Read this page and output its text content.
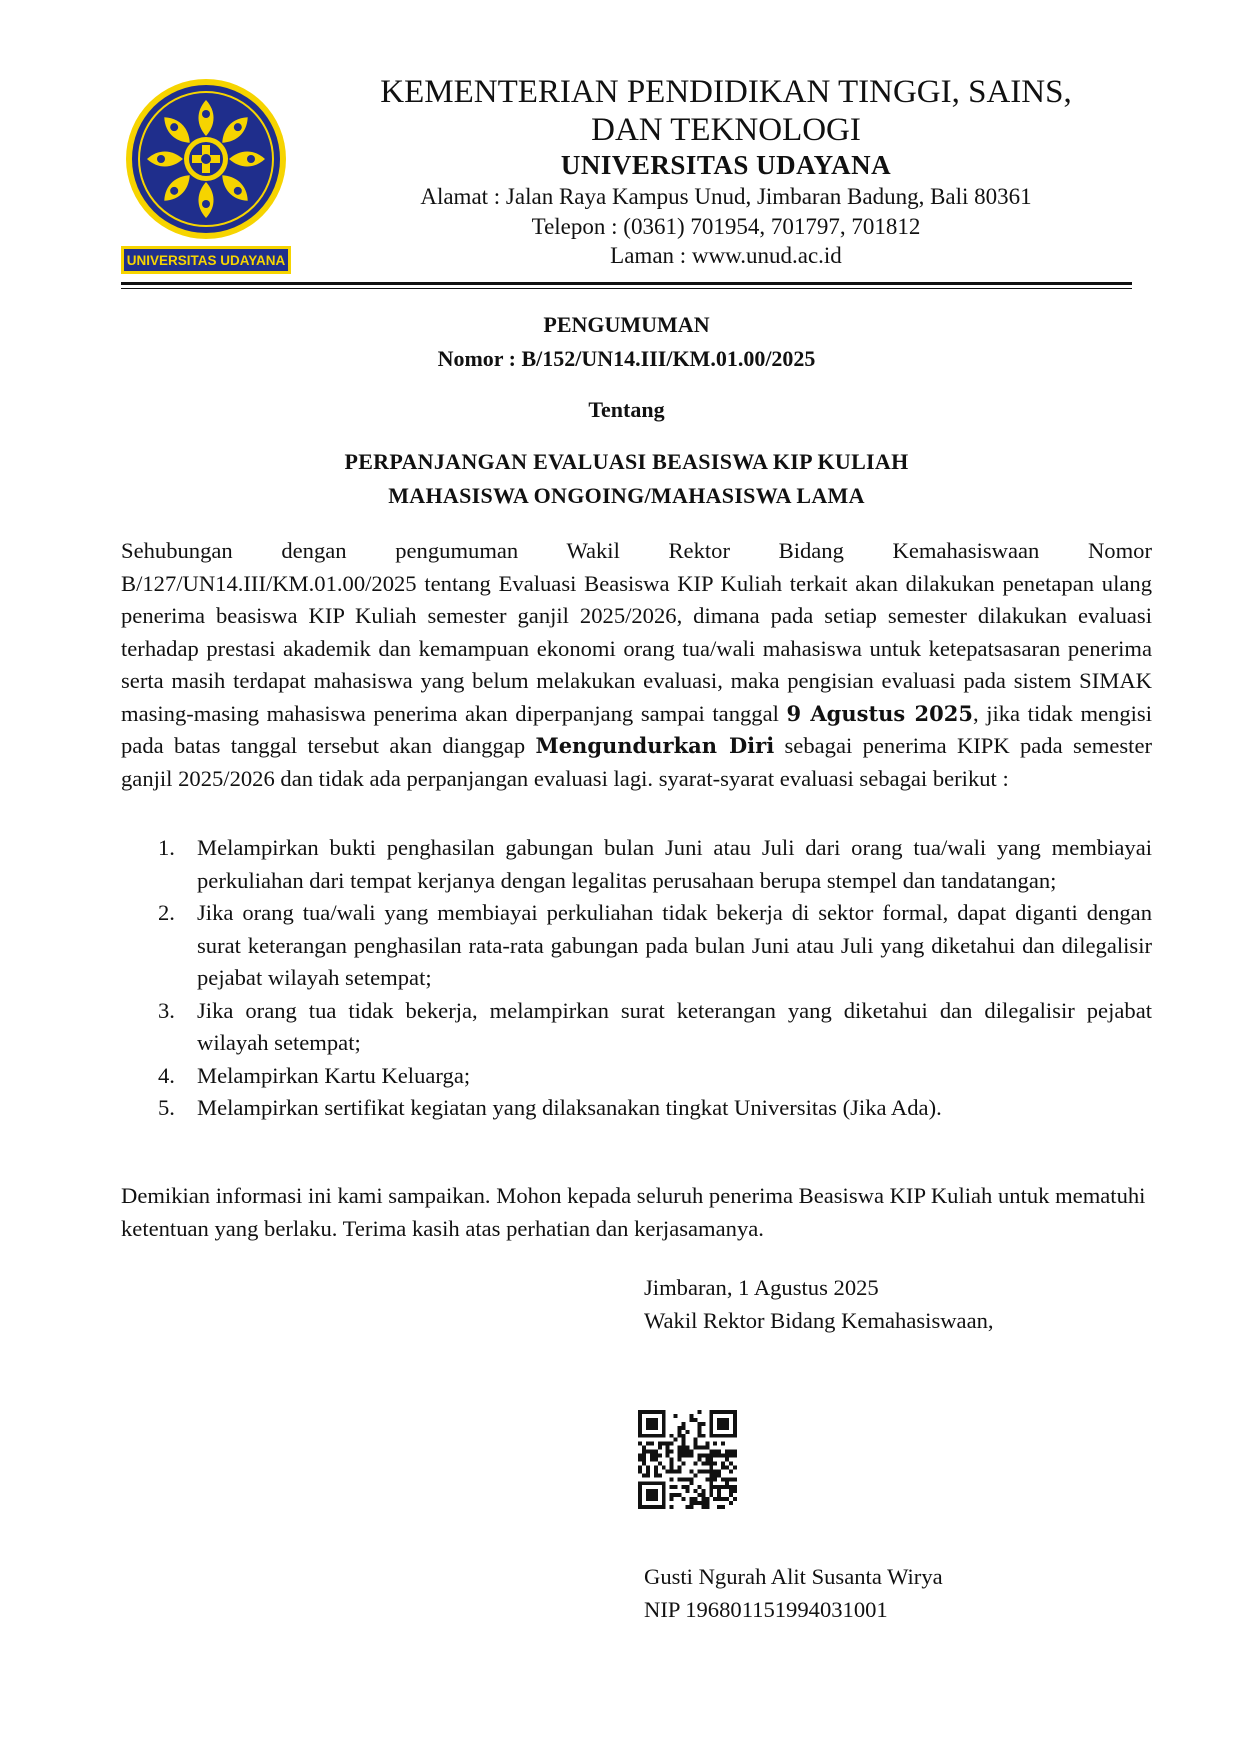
UNIVERSITAS UDAYANA
KEMENTERIAN PENDIDIKAN TINGGI, SAINS,
DAN TEKNOLOGI
UNIVERSITAS UDAYANA
Alamat : Jalan Raya Kampus Unud, Jimbaran Badung, Bali 80361
Telepon : (0361) 701954, 701797, 701812
Laman : www.unud.ac.id
PENGUMUMAN
Nomor : B/152/UN14.III/KM.01.00/2025
Tentang
PERPANJANGAN EVALUASI BEASISWA KIP KULIAH
MAHASISWA ONGOING/MAHASISWA LAMA
Sehubungan dengan pengumuman Wakil Rektor Bidang Kemahasiswaan Nomor B/127/UN14.III/KM.01.00/2025 tentang Evaluasi Beasiswa KIP Kuliah terkait akan dilakukan penetapan ulang penerima beasiswa KIP Kuliah semester ganjil 2025/2026, dimana pada setiap semester dilakukan evaluasi terhadap prestasi akademik dan kemampuan ekonomi orang tua/wali mahasiswa untuk ketepatsasaran penerima serta masih terdapat mahasiswa yang belum melakukan evaluasi, maka pengisian evaluasi pada sistem SIMAK masing-masing mahasiswa penerima akan diperpanjang sampai tanggal 9 Agustus 2025, jika tidak mengisi pada batas tanggal tersebut akan dianggap Mengundurkan Diri sebagai penerima KIPK pada semester ganjil 2025/2026 dan tidak ada perpanjangan evaluasi lagi. syarat-syarat evaluasi sebagai berikut :
1. Melampirkan bukti penghasilan gabungan bulan Juni atau Juli dari orang tua/wali yang membiayai perkuliahan dari tempat kerjanya dengan legalitas perusahaan berupa stempel dan tandatangan;
2. Jika orang tua/wali yang membiayai perkuliahan tidak bekerja di sektor formal, dapat diganti dengan surat keterangan penghasilan rata-rata gabungan pada bulan Juni atau Juli yang diketahui dan dilegalisir pejabat wilayah setempat;
3. Jika orang tua tidak bekerja, melampirkan surat keterangan yang diketahui dan dilegalisir pejabat wilayah setempat;
4. Melampirkan Kartu Keluarga;
5. Melampirkan sertifikat kegiatan yang dilaksanakan tingkat Universitas (Jika Ada).
Demikian informasi ini kami sampaikan. Mohon kepada seluruh penerima Beasiswa KIP Kuliah untuk mematuhi ketentuan yang berlaku. Terima kasih atas perhatian dan kerjasamanya.
Jimbaran, 1 Agustus 2025
Wakil Rektor Bidang Kemahasiswaan,
Gusti Ngurah Alit Susanta Wirya
NIP 196801151994031001
